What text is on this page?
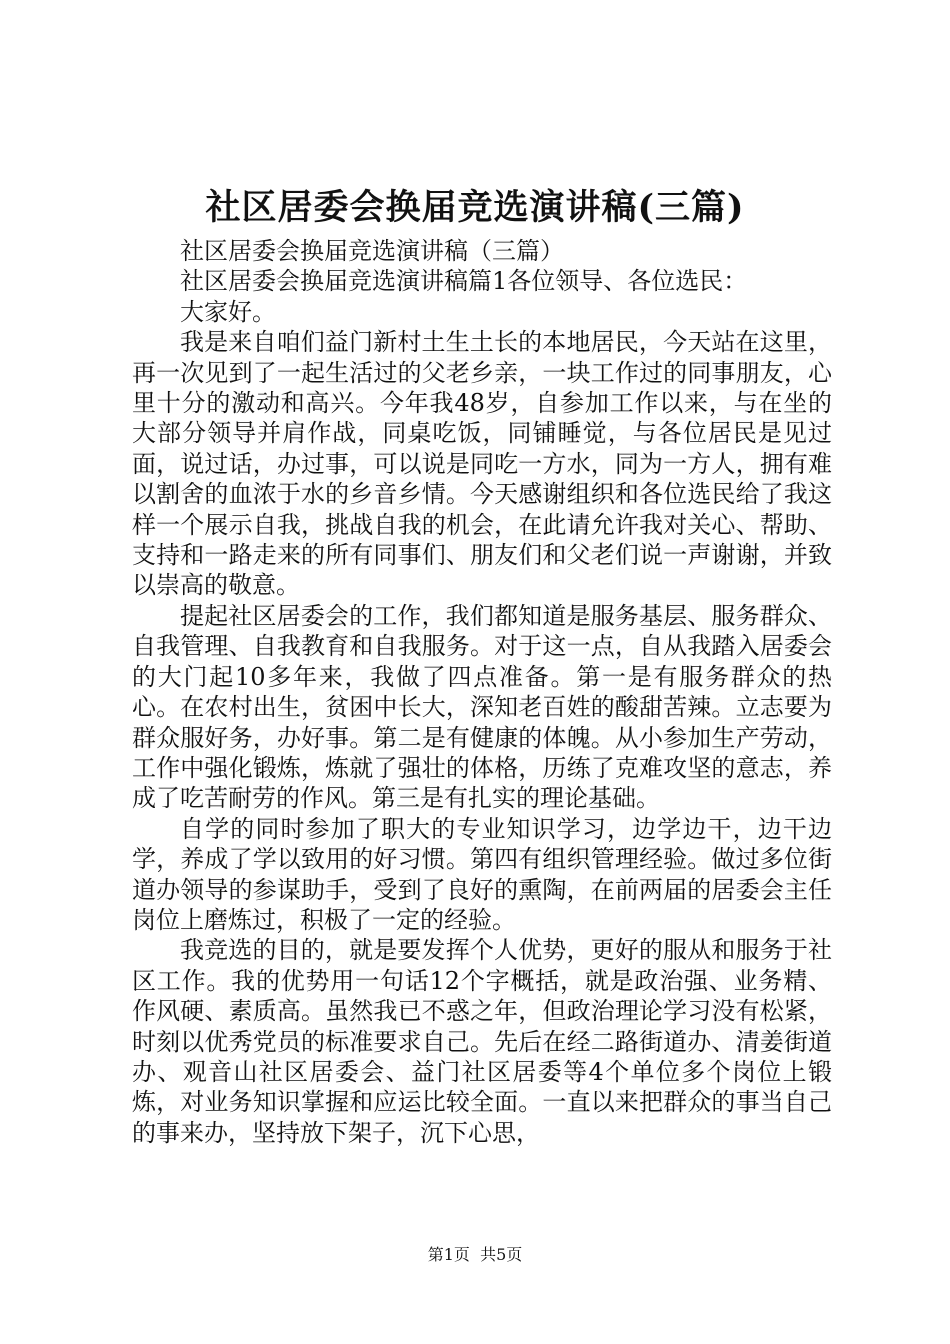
社区居委会换届竞选演讲稿(三篇)

社区居委会换届竞选演讲稿（三篇）

社区居委会换届竞选演讲稿篇1各位领导、各位选民：

大家好。

我是来自咱们益门新村土生土长的本地居民，今天站在这里，再一次见到了一起生活过的父老乡亲，一块工作过的同事朋友，心里十分的激动和高兴。今年我48岁，自参加工作以来，与在坐的大部分领导并肩作战，同桌吃饭，同铺睡觉，与各位居民是见过面，说过话，办过事，可以说是同吃一方水，同为一方人，拥有难以割舍的血浓于水的乡音乡情。今天感谢组织和各位选民给了我这样一个展示自我，挑战自我的机会，在此请允许我对关心、帮助、支持和一路走来的所有同事们、朋友们和父老们说一声谢谢，并致以崇高的敬意。

提起社区居委会的工作，我们都知道是服务基层、服务群众、自我管理、自我教育和自我服务。对于这一点，自从我踏入居委会的大门起10多年来，我做了四点准备。第一是有服务群众的热心。在农村出生，贫困中长大，深知老百姓的酸甜苦辣。立志要为群众服好务，办好事。第二是有健康的体魄。从小参加生产劳动，工作中强化锻炼，炼就了强壮的体格，历练了克难攻坚的意志，养成了吃苦耐劳的作风。第三是有扎实的理论基础。

自学的同时参加了职大的专业知识学习，边学边干，边干边学，养成了学以致用的好习惯。第四有组织管理经验。做过多位街道办领导的参谋助手，受到了良好的熏陶，在前两届的居委会主任岗位上磨炼过，积极了一定的经验。

我竞选的目的，就是要发挥个人优势，更好的服从和服务于社区工作。我的优势用一句话12个字概括，就是政治强、业务精、作风硬、素质高。虽然我已不惑之年，但政治理论学习没有松紧，时刻以优秀党员的标准要求自己。先后在经二路街道办、清姜街道办、观音山社区居委会、益门社区居委等4个单位多个岗位上锻炼，对业务知识掌握和应运比较全面。一直以来把群众的事当自己的事来办，坚持放下架子，沉下心思，

第1页 共5页
